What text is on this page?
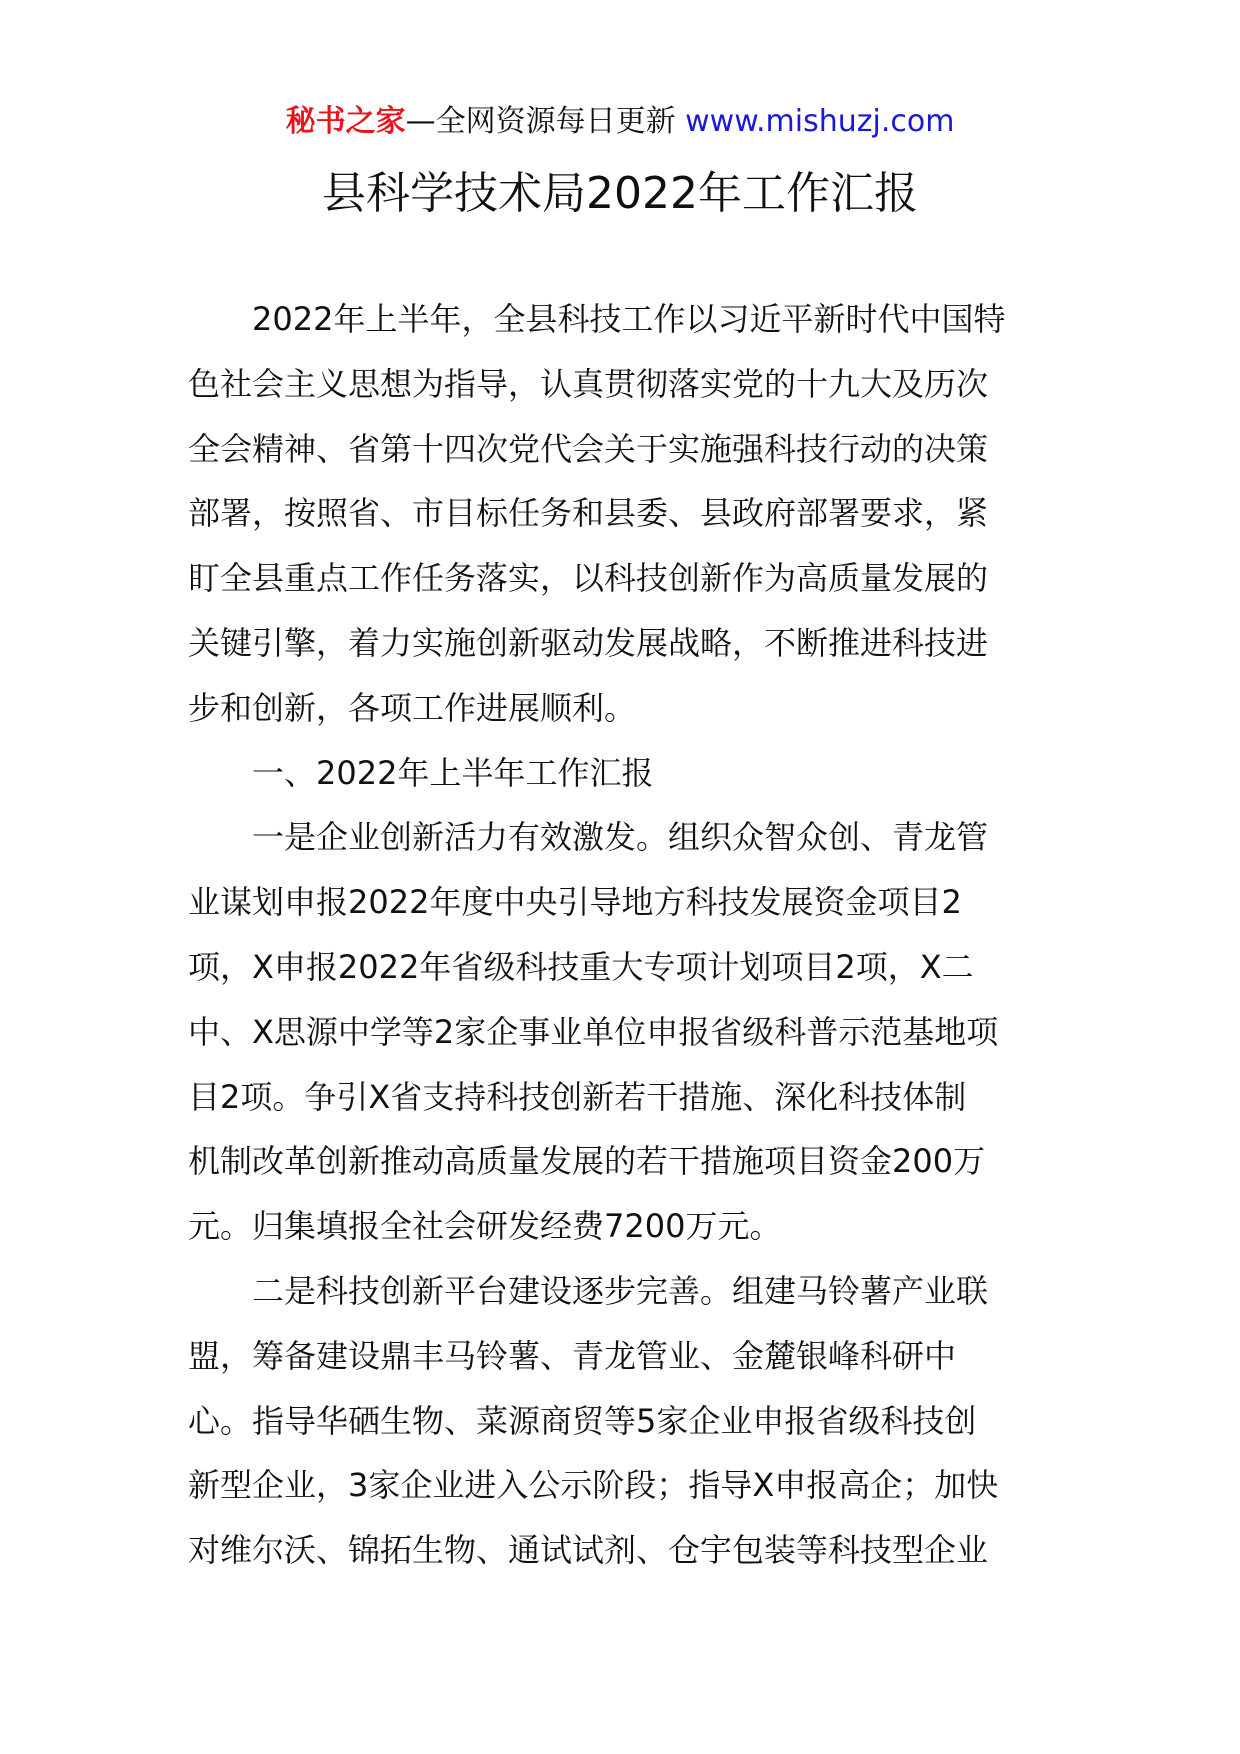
秘书之家—全网资源每日更新 www.mishuzj.com
县科学技术局2022年工作汇报
2022年上半年，全县科技工作以习近平新时代中国特
色社会主义思想为指导，认真贯彻落实党的十九大及历次
全会精神、省第十四次党代会关于实施强科技行动的决策
部署，按照省、市目标任务和县委、县政府部署要求，紧
盯全县重点工作任务落实，以科技创新作为高质量发展的
关键引擎，着力实施创新驱动发展战略，不断推进科技进
步和创新，各项工作进展顺利。
一、2022年上半年工作汇报
一是企业创新活力有效激发。组织众智众创、青龙管
业谋划申报2022年度中央引导地方科技发展资金项目2
项，X申报2022年省级科技重大专项计划项目2项，X二
中、X思源中学等2家企事业单位申报省级科普示范基地项
目2项。争引X省支持科技创新若干措施、深化科技体制
机制改革创新推动高质量发展的若干措施项目资金200万
元。归集填报全社会研发经费7200万元。
二是科技创新平台建设逐步完善。组建马铃薯产业联
盟，筹备建设鼎丰马铃薯、青龙管业、金麓银峰科研中
心。指导华硒生物、菜源商贸等5家企业申报省级科技创
新型企业，3家企业进入公示阶段；指导X申报高企；加快
对维尔沃、锦拓生物、通试试剂、仓宇包装等科技型企业
